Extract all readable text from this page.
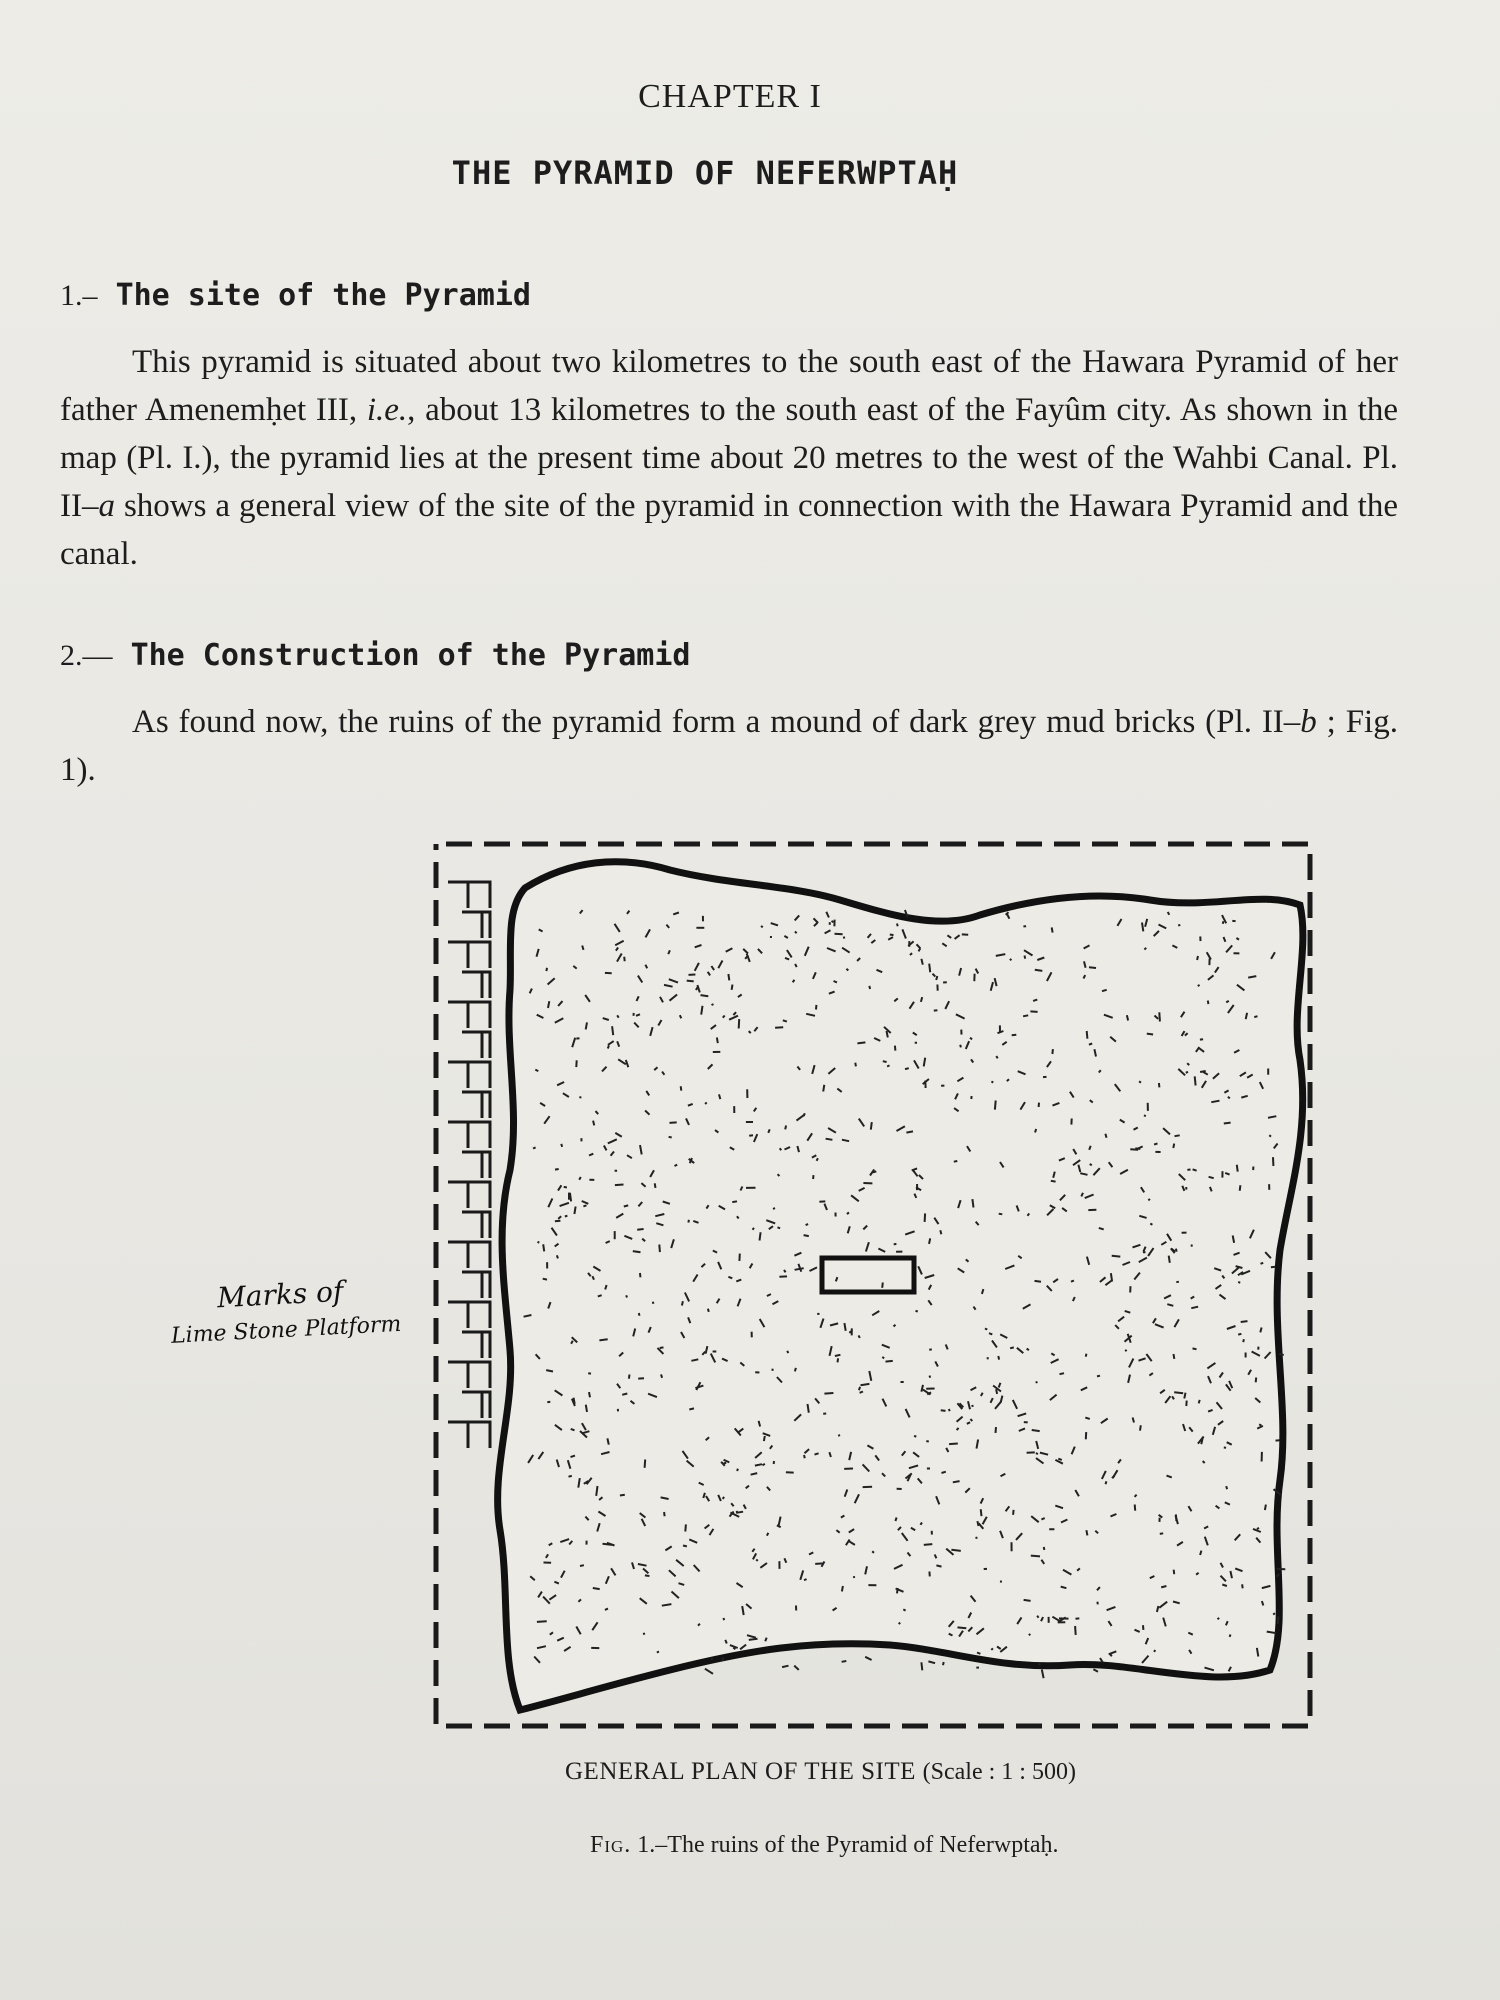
CHAPTER I
THE PYRAMID OF NEFERWPTAḤ
1.– The site of the Pyramid
This pyramid is situated about two kilometres to the south east of the Hawara Pyramid of her father Amenemḥet III, i.e., about 13 kilometres to the south east of the Fayûm city. As shown in the map (Pl. I.), the pyramid lies at the present time about 20 metres to the west of the Wahbi Canal. Pl. II–a shows a general view of the site of the pyramid in connection with the Hawara Pyramid and the canal.
2.— The Construction of the Pyramid
As found now, the ruins of the pyramid form a mound of dark grey mud bricks (Pl. II–b ; Fig. 1).
Marks of
Lime Stone Platform
GENERAL PLAN OF THE SITE (Scale : 1 : 500)
Fig. 1.–The ruins of the Pyramid of Neferwptaḥ.
